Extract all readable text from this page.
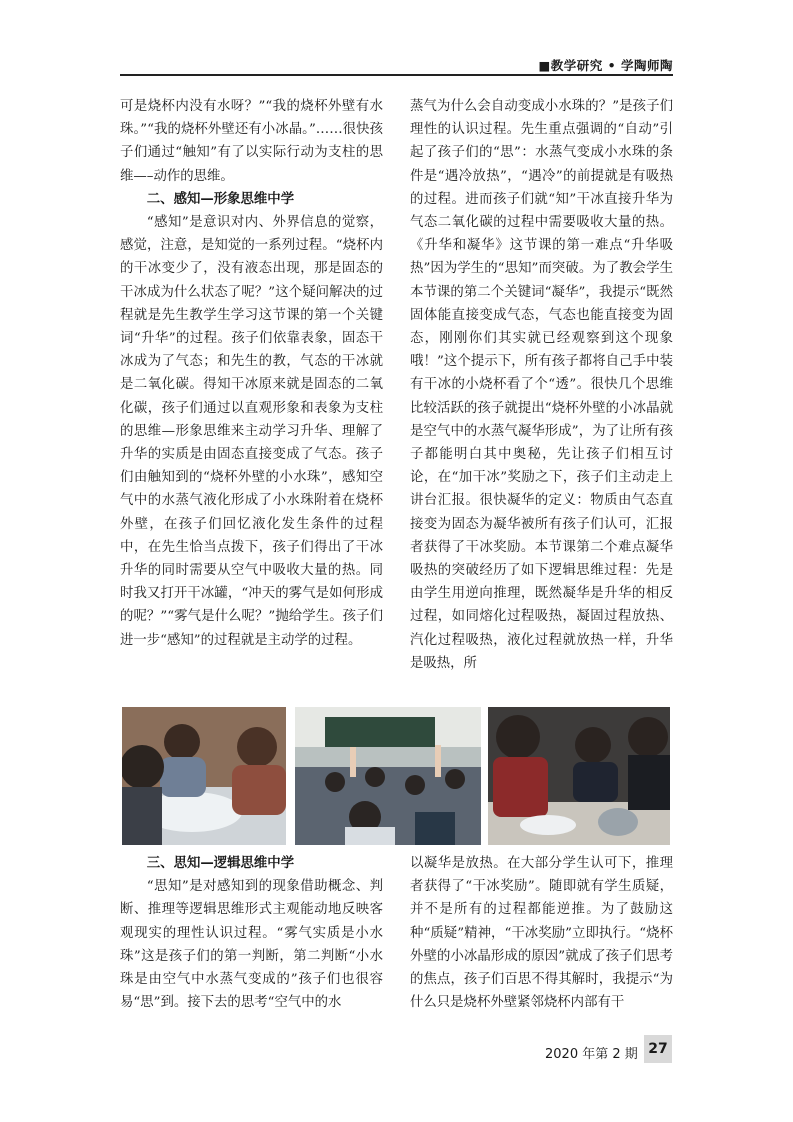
■教学研究 • 学陶师陶

可是烧杯内没有水呀？”“我的烧杯外壁有水珠。”“我的烧杯外壁还有小冰晶。”……很快孩子们通过“触知”有了以实际行动为支柱的思维—–动作的思维。

二、感知—形象思维中学

“感知”是意识对内、外界信息的觉察，感觉，注意，是知觉的一系列过程。“烧杯内的干冰变少了，没有液态出现，那是固态的干冰成为什么状态了呢？”这个疑问解决的过程就是先生教学生学习这节课的第一个关键词“升华”的过程。孩子们依靠表象，固态干冰成为了气态；和先生的教，气态的干冰就是二氧化碳。得知干冰原来就是固态的二氧化碳，孩子们通过以直观形象和表象为支柱的思维—形象思维来主动学习升华、理解了升华的实质是由固态直接变成了气态。孩子们由触知到的“烧杯外壁的小水珠”，感知空气中的水蒸气液化形成了小水珠附着在烧杯外壁，在孩子们回忆液化发生条件的过程中，在先生恰当点拨下，孩子们得出了干冰升华的同时需要从空气中吸收大量的热。同时我又打开干冰罐，“冲天的雾气是如何形成的呢？”“雾气是什么呢？”抛给学生。孩子们进一步“感知”的过程就是主动学的过程。

蒸气为什么会自动变成小水珠的？”是孩子们理性的认识过程。先生重点强调的“自动”引起了孩子们的“思”：水蒸气变成小水珠的条件是“遇冷放热”，“遇冷”的前提就是有吸热的过程。进而孩子们就“知”干冰直接升华为气态二氧化碳的过程中需要吸收大量的热。《升华和凝华》这节课的第一难点“升华吸热”因为学生的“思知”而突破。为了教会学生本节课的第二个关键词“凝华”，我提示“既然固体能直接变成气态，气态也能直接变为固态，刚刚你们其实就已经观察到这个现象哦！”这个提示下，所有孩子都将自己手中装有干冰的小烧杯看了个“透”。很快几个思维比较活跃的孩子就提出“烧杯外壁的小冰晶就是空气中的水蒸气凝华形成”，为了让所有孩子都能明白其中奥秘，先让孩子们相互讨论，在“加干冰”奖励之下，孩子们主动走上讲台汇报。很快凝华的定义：物质由气态直接变为固态为凝华被所有孩子们认可，汇报者获得了干冰奖励。本节课第二个难点凝华吸热的突破经历了如下逻辑思维过程：先是由学生用逆向推理，既然凝华是升华的相反过程，如同熔化过程吸热，凝固过程放热、汽化过程吸热，液化过程就放热一样，升华是吸热，所

三、思知—逻辑思维中学

“思知”是对感知到的现象借助概念、判断、推理等逻辑思维形式主观能动地反映客观现实的理性认识过程。“雾气实质是小水珠”这是孩子们的第一判断，第二判断“小水珠是由空气中水蒸气变成的”孩子们也很容易“思”到。接下去的思考“空气中的水

以凝华是放热。在大部分学生认可下，推理者获得了“干冰奖励”。随即就有学生质疑，并不是所有的过程都能逆推。为了鼓励这种“质疑”精神，“干冰奖励”立即执行。“烧杯外壁的小冰晶形成的原因”就成了孩子们思考的焦点，孩子们百思不得其解时，我提示“为什么只是烧杯外壁紧邻烧杯内部有干

2020 年第 2 期 27
